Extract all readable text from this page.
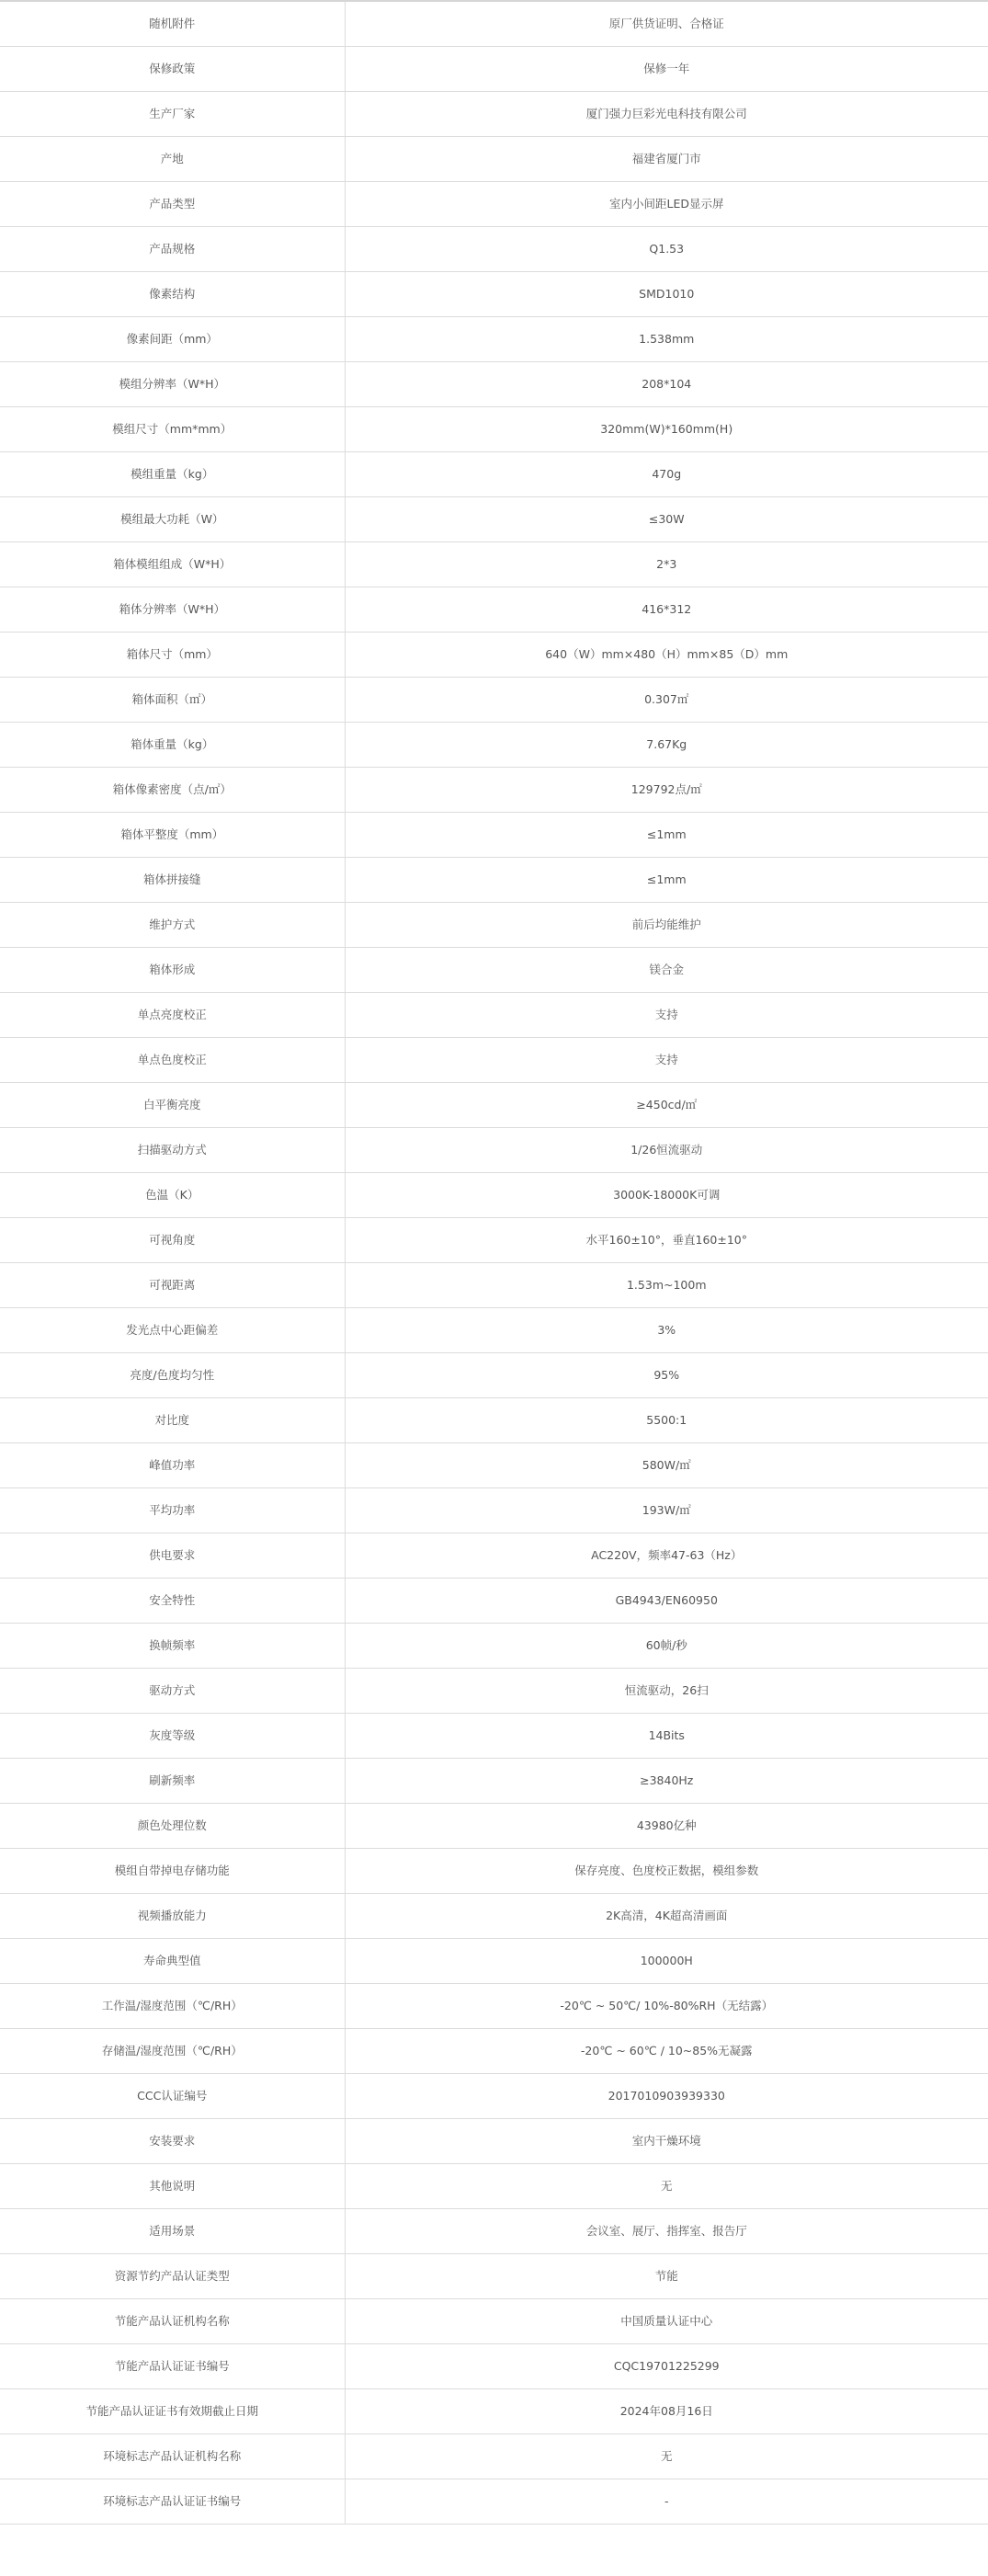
随机附件	原厂供货证明、合格证
保修政策	保修一年
生产厂家	厦门强力巨彩光电科技有限公司
产地	福建省厦门市
产品类型	室内小间距LED显示屏
产品规格	Q1.53
像素结构	SMD1010
像素间距（mm）	1.538mm
模组分辨率（W*H）	208*104
模组尺寸（mm*mm）	320mm(W)*160mm(H)
模组重量（kg）	470g
模组最大功耗（W）	≤30W
箱体模组组成（W*H）	2*3
箱体分辨率（W*H）	416*312
箱体尺寸（mm）	640（W）mm×480（H）mm×85（D）mm
箱体面积（㎡）	0.307㎡
箱体重量（kg）	7.67Kg
箱体像素密度（点/㎡）	129792点/㎡
箱体平整度（mm）	≤1mm
箱体拼接缝	≤1mm
维护方式	前后均能维护
箱体形成	镁合金
单点亮度校正	支持
单点色度校正	支持
白平衡亮度	≥450cd/㎡
扫描驱动方式	1/26恒流驱动
色温（K）	3000K-18000K可调
可视角度	水平160±10°，垂直160±10°
可视距离	1.53m~100m
发光点中心距偏差	3%
亮度/色度均匀性	95%
对比度	5500:1
峰值功率	580W/㎡
平均功率	193W/㎡
供电要求	AC220V，频率47-63（Hz）
安全特性	GB4943/EN60950
换帧频率	60帧/秒
驱动方式	恒流驱动，26扫
灰度等级	14Bits
刷新频率	≥3840Hz
颜色处理位数	43980亿种
模组自带掉电存储功能	保存亮度、色度校正数据，模组参数
视频播放能力	2K高清，4K超高清画面
寿命典型值	100000H
工作温/湿度范围（℃/RH）	-20℃ ~ 50℃/ 10%-80%RH（无结露）
存储温/湿度范围（℃/RH）	-20℃ ~ 60℃ / 10~85%无凝露
CCC认证编号	2017010903939330
安装要求	室内干燥环境
其他说明	无
适用场景	会议室、展厅、指挥室、报告厅
资源节约产品认证类型	节能
节能产品认证机构名称	中国质量认证中心
节能产品认证证书编号	CQC19701225299
节能产品认证证书有效期截止日期	2024年08月16日
环境标志产品认证机构名称	无
环境标志产品认证证书编号	-
